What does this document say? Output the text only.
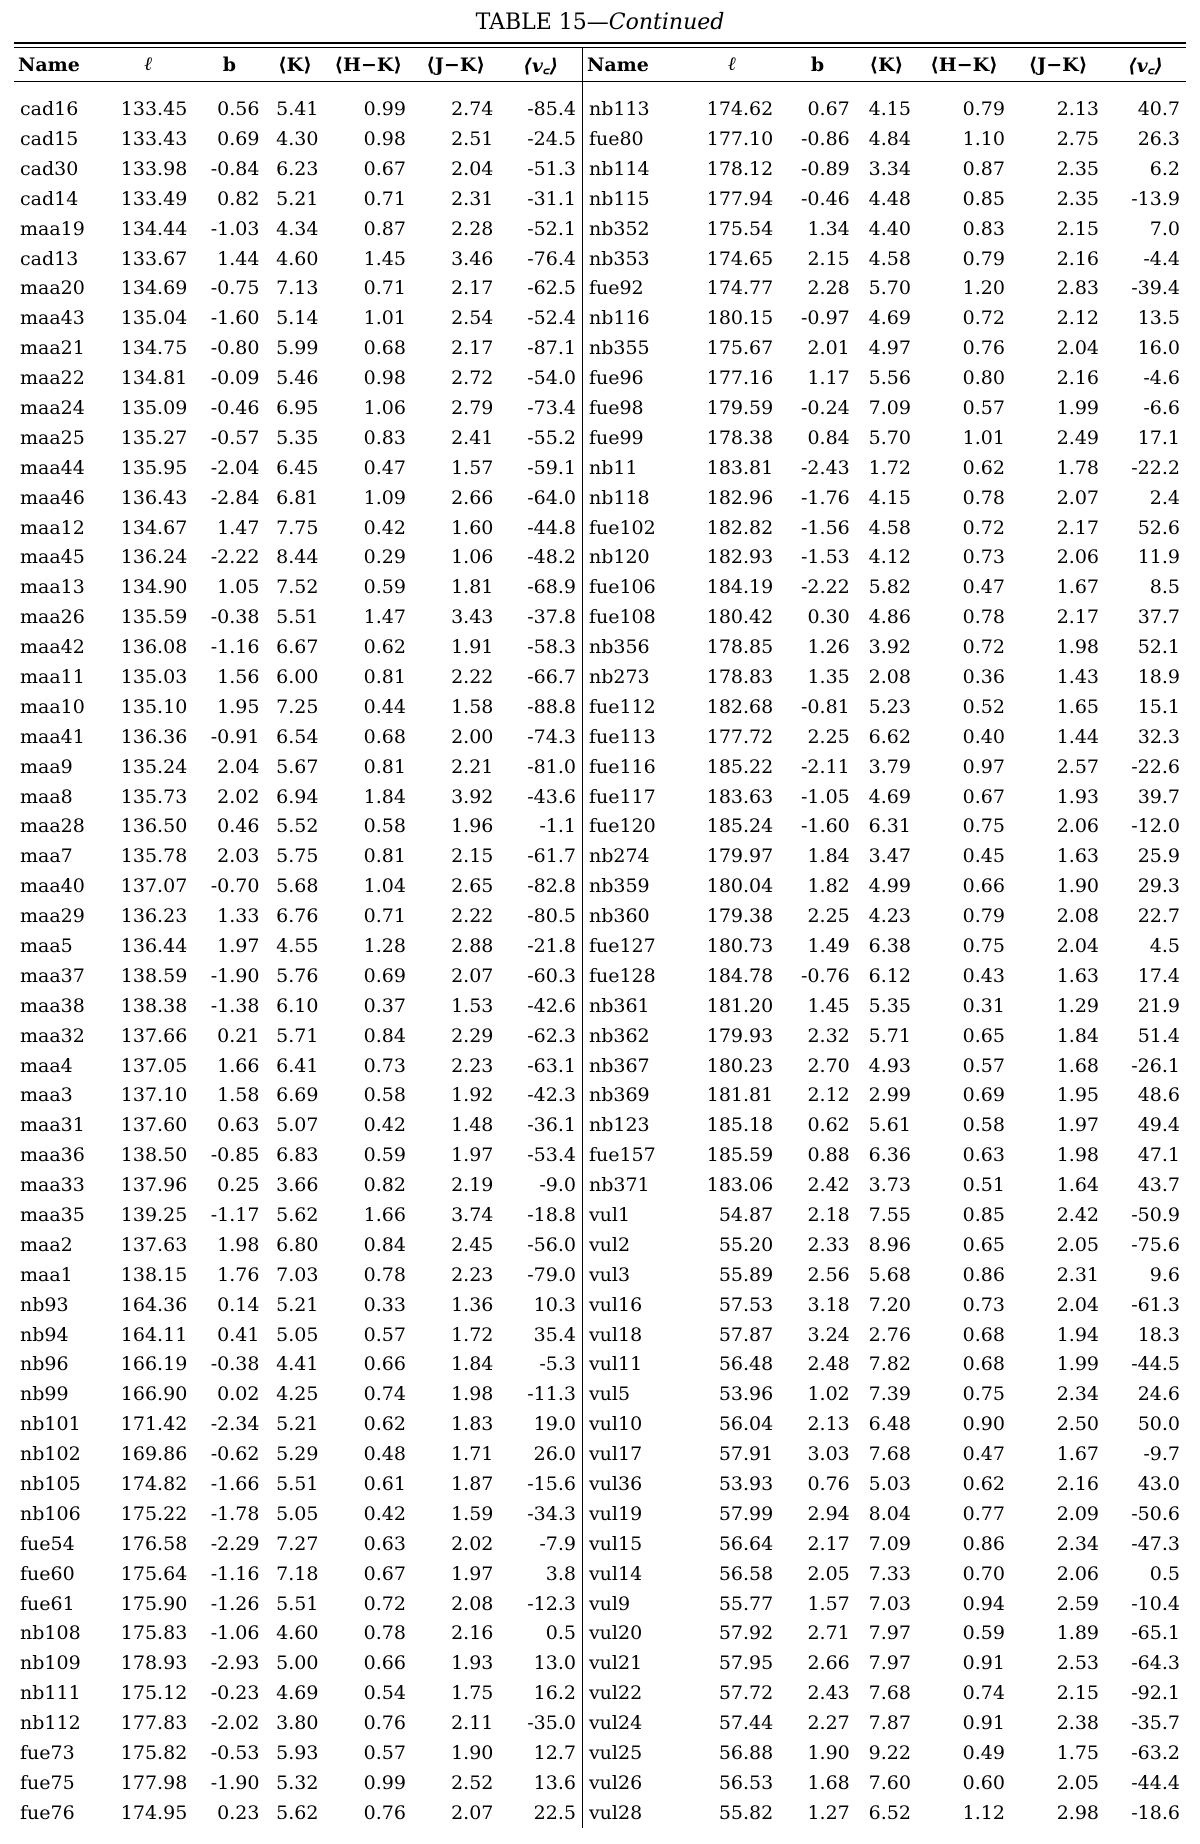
TABLE 15—Continued
Name	ℓ	b	⟨K⟩	⟨H−K⟩	⟨J−K⟩	⟨v꜀⟩	Name	ℓ	b	⟨K⟩	⟨H−K⟩	⟨J−K⟩	⟨v꜀⟩
cad16	133.45	0.56	5.41	0.99	2.74	-85.4	nb113	174.62	0.67	4.15	0.79	2.13	40.7
cad15	133.43	0.69	4.30	0.98	2.51	-24.5	fue80	177.10	-0.86	4.84	1.10	2.75	26.3
cad30	133.98	-0.84	6.23	0.67	2.04	-51.3	nb114	178.12	-0.89	3.34	0.87	2.35	6.2
cad14	133.49	0.82	5.21	0.71	2.31	-31.1	nb115	177.94	-0.46	4.48	0.85	2.35	-13.9
maa19	134.44	-1.03	4.34	0.87	2.28	-52.1	nb352	175.54	1.34	4.40	0.83	2.15	7.0
cad13	133.67	1.44	4.60	1.45	3.46	-76.4	nb353	174.65	2.15	4.58	0.79	2.16	-4.4
maa20	134.69	-0.75	7.13	0.71	2.17	-62.5	fue92	174.77	2.28	5.70	1.20	2.83	-39.4
maa43	135.04	-1.60	5.14	1.01	2.54	-52.4	nb116	180.15	-0.97	4.69	0.72	2.12	13.5
maa21	134.75	-0.80	5.99	0.68	2.17	-87.1	nb355	175.67	2.01	4.97	0.76	2.04	16.0
maa22	134.81	-0.09	5.46	0.98	2.72	-54.0	fue96	177.16	1.17	5.56	0.80	2.16	-4.6
maa24	135.09	-0.46	6.95	1.06	2.79	-73.4	fue98	179.59	-0.24	7.09	0.57	1.99	-6.6
maa25	135.27	-0.57	5.35	0.83	2.41	-55.2	fue99	178.38	0.84	5.70	1.01	2.49	17.1
maa44	135.95	-2.04	6.45	0.47	1.57	-59.1	nb11	183.81	-2.43	1.72	0.62	1.78	-22.2
maa46	136.43	-2.84	6.81	1.09	2.66	-64.0	nb118	182.96	-1.76	4.15	0.78	2.07	2.4
maa12	134.67	1.47	7.75	0.42	1.60	-44.8	fue102	182.82	-1.56	4.58	0.72	2.17	52.6
maa45	136.24	-2.22	8.44	0.29	1.06	-48.2	nb120	182.93	-1.53	4.12	0.73	2.06	11.9
maa13	134.90	1.05	7.52	0.59	1.81	-68.9	fue106	184.19	-2.22	5.82	0.47	1.67	8.5
maa26	135.59	-0.38	5.51	1.47	3.43	-37.8	fue108	180.42	0.30	4.86	0.78	2.17	37.7
maa42	136.08	-1.16	6.67	0.62	1.91	-58.3	nb356	178.85	1.26	3.92	0.72	1.98	52.1
maa11	135.03	1.56	6.00	0.81	2.22	-66.7	nb273	178.83	1.35	2.08	0.36	1.43	18.9
maa10	135.10	1.95	7.25	0.44	1.58	-88.8	fue112	182.68	-0.81	5.23	0.52	1.65	15.1
maa41	136.36	-0.91	6.54	0.68	2.00	-74.3	fue113	177.72	2.25	6.62	0.40	1.44	32.3
maa9	135.24	2.04	5.67	0.81	2.21	-81.0	fue116	185.22	-2.11	3.79	0.97	2.57	-22.6
maa8	135.73	2.02	6.94	1.84	3.92	-43.6	fue117	183.63	-1.05	4.69	0.67	1.93	39.7
maa28	136.50	0.46	5.52	0.58	1.96	-1.1	fue120	185.24	-1.60	6.31	0.75	2.06	-12.0
maa7	135.78	2.03	5.75	0.81	2.15	-61.7	nb274	179.97	1.84	3.47	0.45	1.63	25.9
maa40	137.07	-0.70	5.68	1.04	2.65	-82.8	nb359	180.04	1.82	4.99	0.66	1.90	29.3
maa29	136.23	1.33	6.76	0.71	2.22	-80.5	nb360	179.38	2.25	4.23	0.79	2.08	22.7
maa5	136.44	1.97	4.55	1.28	2.88	-21.8	fue127	180.73	1.49	6.38	0.75	2.04	4.5
maa37	138.59	-1.90	5.76	0.69	2.07	-60.3	fue128	184.78	-0.76	6.12	0.43	1.63	17.4
maa38	138.38	-1.38	6.10	0.37	1.53	-42.6	nb361	181.20	1.45	5.35	0.31	1.29	21.9
maa32	137.66	0.21	5.71	0.84	2.29	-62.3	nb362	179.93	2.32	5.71	0.65	1.84	51.4
maa4	137.05	1.66	6.41	0.73	2.23	-63.1	nb367	180.23	2.70	4.93	0.57	1.68	-26.1
maa3	137.10	1.58	6.69	0.58	1.92	-42.3	nb369	181.81	2.12	2.99	0.69	1.95	48.6
maa31	137.60	0.63	5.07	0.42	1.48	-36.1	nb123	185.18	0.62	5.61	0.58	1.97	49.4
maa36	138.50	-0.85	6.83	0.59	1.97	-53.4	fue157	185.59	0.88	6.36	0.63	1.98	47.1
maa33	137.96	0.25	3.66	0.82	2.19	-9.0	nb371	183.06	2.42	3.73	0.51	1.64	43.7
maa35	139.25	-1.17	5.62	1.66	3.74	-18.8	vul1	54.87	2.18	7.55	0.85	2.42	-50.9
maa2	137.63	1.98	6.80	0.84	2.45	-56.0	vul2	55.20	2.33	8.96	0.65	2.05	-75.6
maa1	138.15	1.76	7.03	0.78	2.23	-79.0	vul3	55.89	2.56	5.68	0.86	2.31	9.6
nb93	164.36	0.14	5.21	0.33	1.36	10.3	vul16	57.53	3.18	7.20	0.73	2.04	-61.3
nb94	164.11	0.41	5.05	0.57	1.72	35.4	vul18	57.87	3.24	2.76	0.68	1.94	18.3
nb96	166.19	-0.38	4.41	0.66	1.84	-5.3	vul11	56.48	2.48	7.82	0.68	1.99	-44.5
nb99	166.90	0.02	4.25	0.74	1.98	-11.3	vul5	53.96	1.02	7.39	0.75	2.34	24.6
nb101	171.42	-2.34	5.21	0.62	1.83	19.0	vul10	56.04	2.13	6.48	0.90	2.50	50.0
nb102	169.86	-0.62	5.29	0.48	1.71	26.0	vul17	57.91	3.03	7.68	0.47	1.67	-9.7
nb105	174.82	-1.66	5.51	0.61	1.87	-15.6	vul36	53.93	0.76	5.03	0.62	2.16	43.0
nb106	175.22	-1.78	5.05	0.42	1.59	-34.3	vul19	57.99	2.94	8.04	0.77	2.09	-50.6
fue54	176.58	-2.29	7.27	0.63	2.02	-7.9	vul15	56.64	2.17	7.09	0.86	2.34	-47.3
fue60	175.64	-1.16	7.18	0.67	1.97	3.8	vul14	56.58	2.05	7.33	0.70	2.06	0.5
fue61	175.90	-1.26	5.51	0.72	2.08	-12.3	vul9	55.77	1.57	7.03	0.94	2.59	-10.4
nb108	175.83	-1.06	4.60	0.78	2.16	0.5	vul20	57.92	2.71	7.97	0.59	1.89	-65.1
nb109	178.93	-2.93	5.00	0.66	1.93	13.0	vul21	57.95	2.66	7.97	0.91	2.53	-64.3
nb111	175.12	-0.23	4.69	0.54	1.75	16.2	vul22	57.72	2.43	7.68	0.74	2.15	-92.1
nb112	177.83	-2.02	3.80	0.76	2.11	-35.0	vul24	57.44	2.27	7.87	0.91	2.38	-35.7
fue73	175.82	-0.53	5.93	0.57	1.90	12.7	vul25	56.88	1.90	9.22	0.49	1.75	-63.2
fue75	177.98	-1.90	5.32	0.99	2.52	13.6	vul26	56.53	1.68	7.60	0.60	2.05	-44.4
fue76	174.95	0.23	5.62	0.76	2.07	22.5	vul28	55.82	1.27	6.52	1.12	2.98	-18.6
